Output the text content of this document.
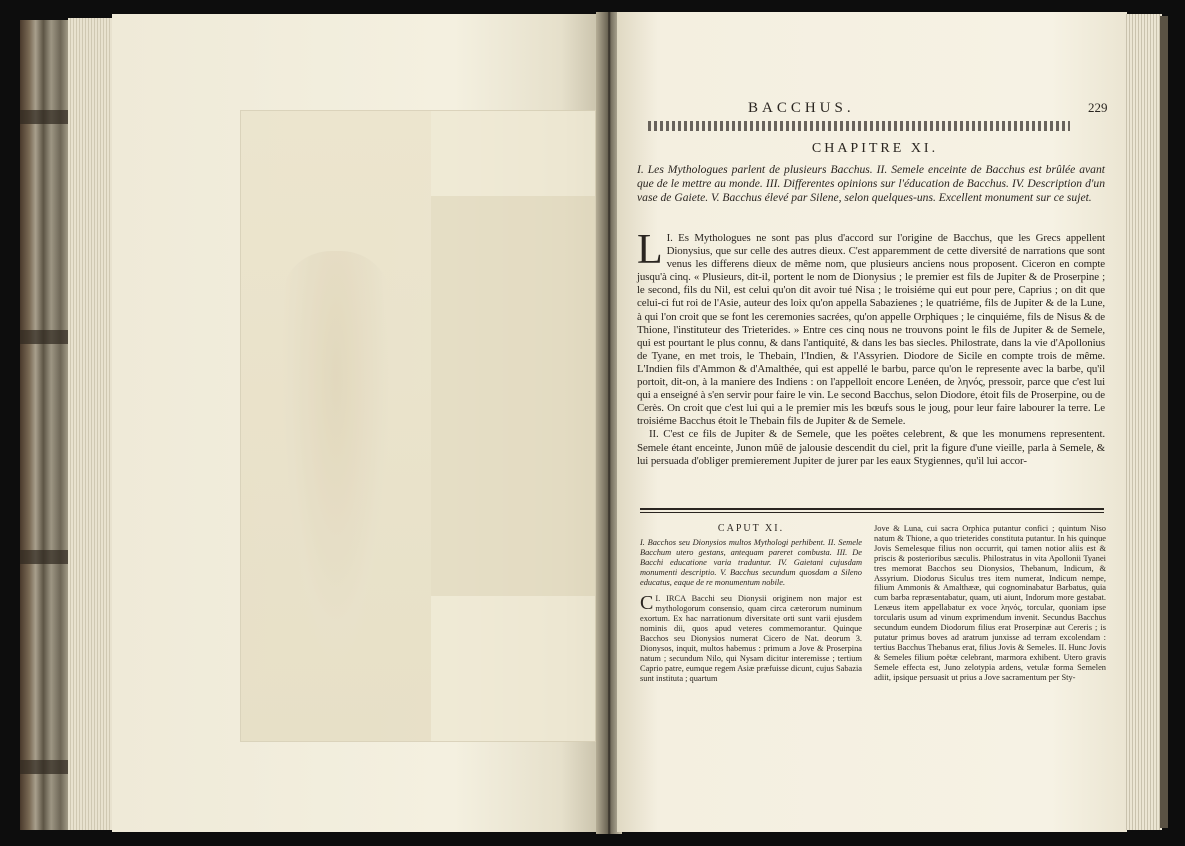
BACCHUS.	229
CHAPITRE XI.
I. Les Mythologues parlent de plusieurs Bacchus. II. Semele enceinte de Bacchus est brûlée avant que de le mettre au monde. III. Differentes opinions sur l'éducation de Bacchus. IV. Description d'un vase de Gaiete. V. Bacchus élevé par Silene, selon quelques-uns. Excellent monument sur ce sujet.

I.
L Es Mythologues ne sont pas plus d'accord sur l'origine de Bacchus, que les Grecs appellent Dionysius, que sur celle des autres dieux. C'est apparemment de cette diversité de narrations que sont venus les differens dieux de même nom, que plusieurs anciens nous proposent. Ciceron en compte jusqu'à cinq. « Plusieurs, dit-il, portent le nom de Dionysius ; le premier est fils de Jupiter & de Proserpine ; le second, fils du Nil, est celui qu'on dit avoir tué Nisa ; le troisiéme qui eut pour pere, Caprius ; on dit que celui-ci fut roi de l'Asie, auteur des loix qu'on appella Sabazienes ; le quatriéme, fils de Jupiter & de la Lune, à qui l'on croit que se font les ceremonies sacrées, qu'on appelle Orphiques ; le cinquiéme, fils de Nisus & de Thione, l'instituteur des Trieterides. » Entre ces cinq nous ne trouvons point le fils de Jupiter & de Semele, qui est pourtant le plus connu, & dans l'antiquité, & dans les bas siecles. Philostrate, dans la vie d'Apollonius de Tyane, en met trois, le Thebain, l'Indien, & l'Assyrien. Diodore de Sicile en compte trois de même. L'Indien fils d'Ammon & d'Amalthée, qui est appellé le barbu, parce qu'on le represente avec la barbe, qu'il portoit, dit-on, à la maniere des Indiens : on l'appelloit encore Lenéen, de ληνός, pressoir, parce que c'est lui qui a enseigné à s'en servir pour faire le vin. Le second Bacchus, selon Diodore, étoit fils de Proserpine, ou de Cerès. On croit que c'est lui qui a le premier mis les bœufs sous le joug, pour leur faire labourer la terre. Le troisiéme Bacchus étoit le Thebain fils de Jupiter & de Semele.

II. C'est ce fils de Jupiter & de Semele, que les poëtes celebrent, & que les monumens representent. Semele étant enceinte, Junon mûë de jalousie descendit du ciel, prit la figure d'une vieille, parla à Semele, & lui persuada d'obliger premierement Jupiter de jurer par les eaux Stygiennes, qu'il lui accor-

CAPUT XI.
I. Bacchos seu Dionysios multos Mythologi perhibent. II. Semele Bacchum utero gestans, antequam pareret combusta. III. De Bacchi educatione varia traduntur. IV. Gaietani cujusdam monumenti descriptio. V. Bacchus secundum quosdam a Sileno educatus, eaque de re monumentum nobile.
C I. IRCA Bacchi seu Dionysii originem non major est mythologorum consensio, quam circa cæterorum numinum exortum. Ex hac narrationum diversitate orti sunt varii ejusdem nominis dii, quos apud veteres commemorantur. Quinque Bacchos seu Dionysios numerat Cicero de Nat. deorum 3. Dionysos, inquit, multos habemus : primum a Jove & Proserpina natum ; secundum Nilo, qui Nysam dicitur interemisse ; tertium Caprio patre, eumque regem Asiæ præfuisse dicunt, cujus Sabazia sunt instituta ; quartum
Jove & Luna, cui sacra Orphica putantur confici ; quintum Niso natum & Thione, a quo trieterides constituta putantur. In his quinque Jovis Semelesque filius non occurrit, qui tamen notior aliis est & priscis & posterioribus sæculis. Philostratus in vita Apollonii Tyanei tres memorat Bacchos seu Dionysios, Thebanum, Indicum, & Assyrium. Diodorus Siculus tres item numerat, Indicum nempe, filium Ammonis & Amalthææ, qui cognominabatur Barbatus, quia cum barba repræsentabatur, quam, uti aiunt, Indorum more gestabat. Lenæus item appellabatur ex voce ληνός, torcular, quoniam ipse torcularis usum ad vinum exprimendum invenit. Secundus Bacchus secundum eundem Diodorum filius erat Proserpinæ aut Cereris ; is putatur primus boves ad aratrum junxisse ad terram excolendam : tertius Bacchus Thebanus erat, filius Jovis & Semeles. II. Hunc Jovis & Semeles filium poëtæ celebrant, marmora exhibent. Utero gravis Semele effecta est, Juno zelotypia ardens, vetulæ forma Semelen adiit, ipsique persuasit ut prius a Jove sacramentum per Sty-
